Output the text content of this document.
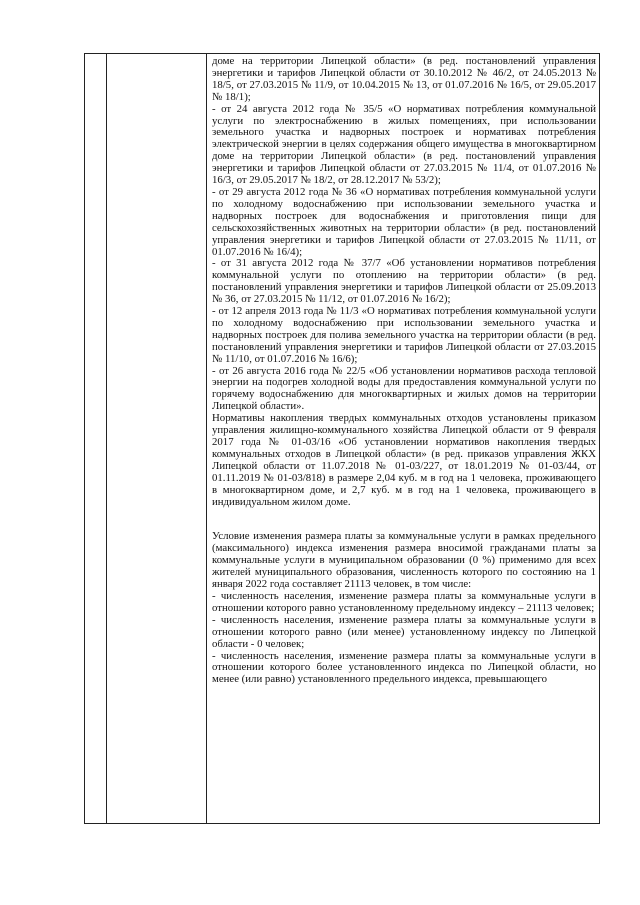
доме на территории Липецкой области» (в ред. постановлений управления энергетики и тарифов Липецкой области от 30.10.2012 № 46/2, от 24.05.2013 № 18/5, от 27.03.2015 № 11/9, от 10.04.2015 № 13, от 01.07.2016 № 16/5, от 29.05.2017 № 18/1);

- от 24 августа 2012 года № 35/5 «О нормативах потребления коммунальной услуги по электроснабжению в жилых помещениях, при использовании земельного участка и надворных построек и нормативах потребления электрической энергии в целях содержания общего имущества в многоквартирном доме на территории Липецкой области» (в ред. постановлений управления энергетики и тарифов Липецкой области от 27.03.2015 № 11/4, от 01.07.2016 № 16/3, от 29.05.2017 № 18/2, от 28.12.2017 № 53/2);

- от 29 августа 2012 года № 36 «О нормативах потребления коммунальной услуги по холодному водоснабжению при использовании земельного участка и надворных построек для водоснабжения и приготовления пищи для сельскохозяйственных животных на территории области» (в ред. постановлений управления энергетики и тарифов Липецкой области от 27.03.2015 № 11/11, от 01.07.2016 № 16/4);

- от 31 августа 2012 года № 37/7 «Об установлении нормативов потребления коммунальной услуги по отоплению на территории области» (в ред. постановлений управления энергетики и тарифов Липецкой области от 25.09.2013 № 36, от 27.03.2015 № 11/12, от 01.07.2016 № 16/2);

- от 12 апреля 2013 года № 11/3 «О нормативах потребления коммунальной услуги по холодному водоснабжению при использовании земельного участка и надворных построек для полива земельного участка на территории области (в ред. постановлений управления энергетики и тарифов Липецкой области от 27.03.2015 № 11/10, от 01.07.2016 № 16/6);

- от 26 августа 2016 года № 22/5 «Об установлении нормативов расхода тепловой энергии на подогрев холодной воды для предоставления коммунальной услуги по горячему водоснабжению для многоквартирных и жилых домов на территории Липецкой области».

Нормативы накопления твердых коммунальных отходов установлены приказом управления жилищно-коммунального хозяйства Липецкой области от 9 февраля 2017 года № 01-03/16 «Об установлении нормативов накопления твердых коммунальных отходов в Липецкой области» (в ред. приказов управления ЖКХ Липецкой области от 11.07.2018 № 01-03/227, от 18.01.2019 № 01-03/44, от 01.11.2019 № 01-03/818) в размере 2,04 куб. м в год на 1 человека, проживающего в многоквартирном доме, и 2,7 куб. м в год на 1 человека, проживающего в индивидуальном жилом доме.

Условие изменения размера платы за коммунальные услуги в рамках предельного (максимального) индекса изменения размера вносимой гражданами платы за коммунальные услуги в муниципальном образовании (0 %) применимо для всех жителей муниципального образования, численность которого по состоянию на 1 января 2022 года составляет 21113 человек, в том числе:

- численность населения, изменение размера платы за коммунальные услуги в отношении которого равно установленному предельному индексу – 21113 человек;

- численность населения, изменение размера платы за коммунальные услуги в отношении которого равно (или менее) установленному индексу по Липецкой области - 0 человек;

- численность населения, изменение размера платы за коммунальные услуги в отношении которого более установленного индекса по Липецкой области, но менее (или равно) установленного предельного индекса, превышающего
